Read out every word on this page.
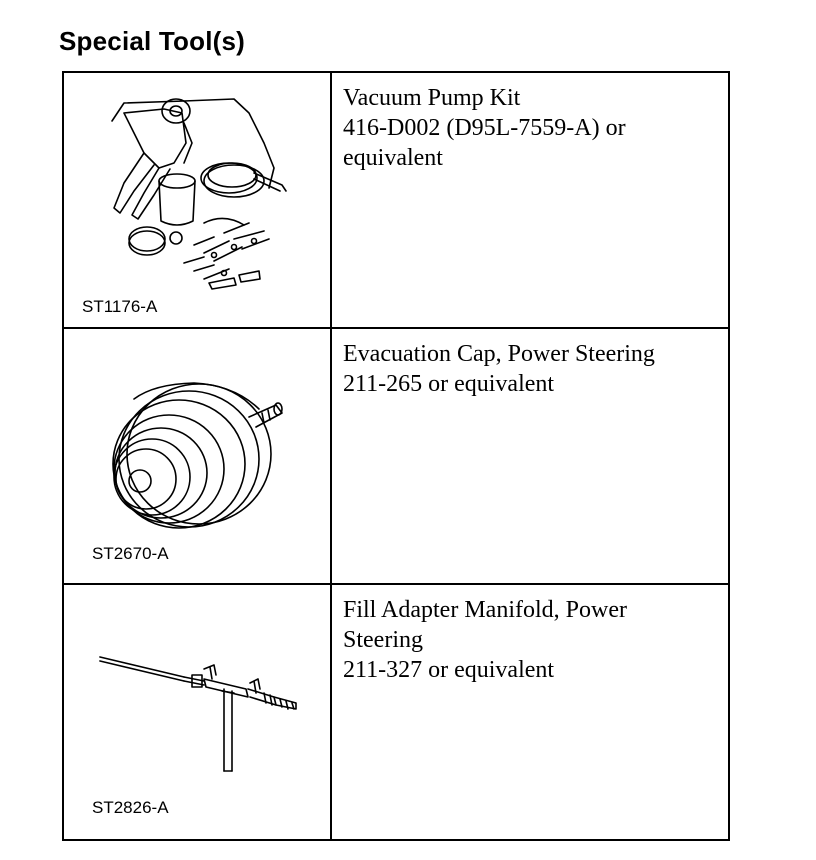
Special Tool(s)
ST1176-A	Vacuum Pump Kit
416-D002 (D95L-7559-A) or
equivalent

ST2670-A	Evacuation Cap, Power Steering
211-265 or equivalent

ST2826-A	Fill Adapter Manifold, Power
Steering
211-327 or equivalent
